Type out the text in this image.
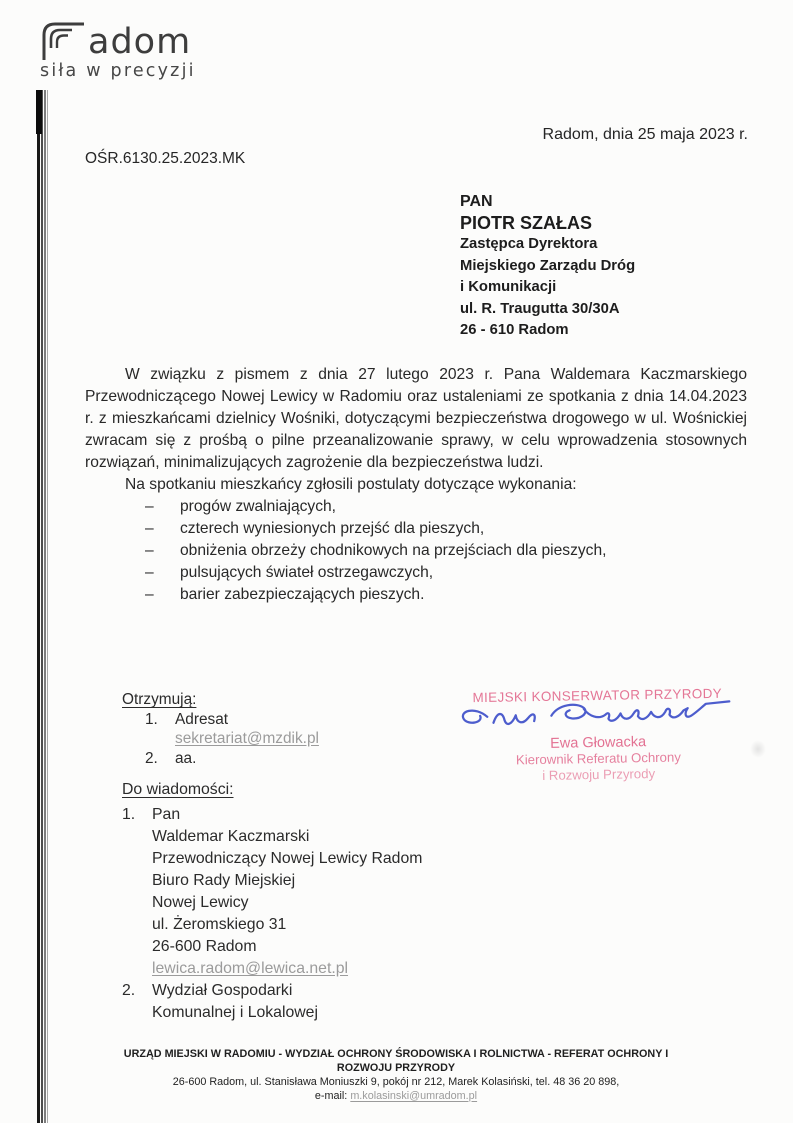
adom
siła w precyzji
Radom, dnia 25 maja 2023 r.
OŚR.6130.25.2023.MK
PAN
PIOTR SZAŁAS
Zastępca Dyrektora
Miejskiego Zarządu Dróg
i Komunikacji
ul. R. Traugutta 30/30A
26 - 610 Radom

W związku z pismem z dnia 27 lutego 2023 r. Pana Waldemara Kaczmarskiego Przewodniczącego Nowej Lewicy w Radomiu oraz ustaleniami ze spotkania z dnia 14.04.2023 r. z mieszkańcami dzielnicy Wośniki, dotyczącymi bezpieczeństwa drogowego w ul. Wośnickiej zwracam się z prośbą o pilne przeanalizowanie sprawy, w celu wprowadzenia stosownych rozwiązań, minimalizujących zagrożenie dla bezpieczeństwa ludzi.

Na spotkaniu mieszkańcy zgłosili postulaty dotyczące wykonania:

– progów zwalniających,
– czterech wyniesionych przejść dla pieszych,
– obniżenia obrzeży chodnikowych na przejściach dla pieszych,
– pulsujących świateł ostrzegawczych,
– barier zabezpieczających pieszych.
Otrzymują:
1. Adresat
sekretariat@mzdik.pl
2. aa.
MIEJSKI KONSERWATOR PRZYRODY
Ewa Głowacka
Kierownik Referatu Ochrony
i Rozwoju Przyrody
Do wiadomości:
1.	Pan
Waldemar Kaczmarski
Przewodniczący Nowej Lewicy Radom
Biuro Rady Miejskiej
Nowej Lewicy
ul. Żeromskiego 31
26-600 Radom
lewica.radom@lewica.net.pl
2.	Wydział Gospodarki
Komunalnej i Lokalowej
URZĄD MIEJSKI W RADOMIU - WYDZIAŁ OCHRONY ŚRODOWISKA I ROLNICTWA - REFERAT OCHRONY I ROZWOJU PRZYRODY
26-600 Radom, ul. Stanisława Moniuszki 9, pokój nr 212, Marek Kolasiński, tel. 48 36 20 898,
e-mail: m.kolasinski@umradom.pl
